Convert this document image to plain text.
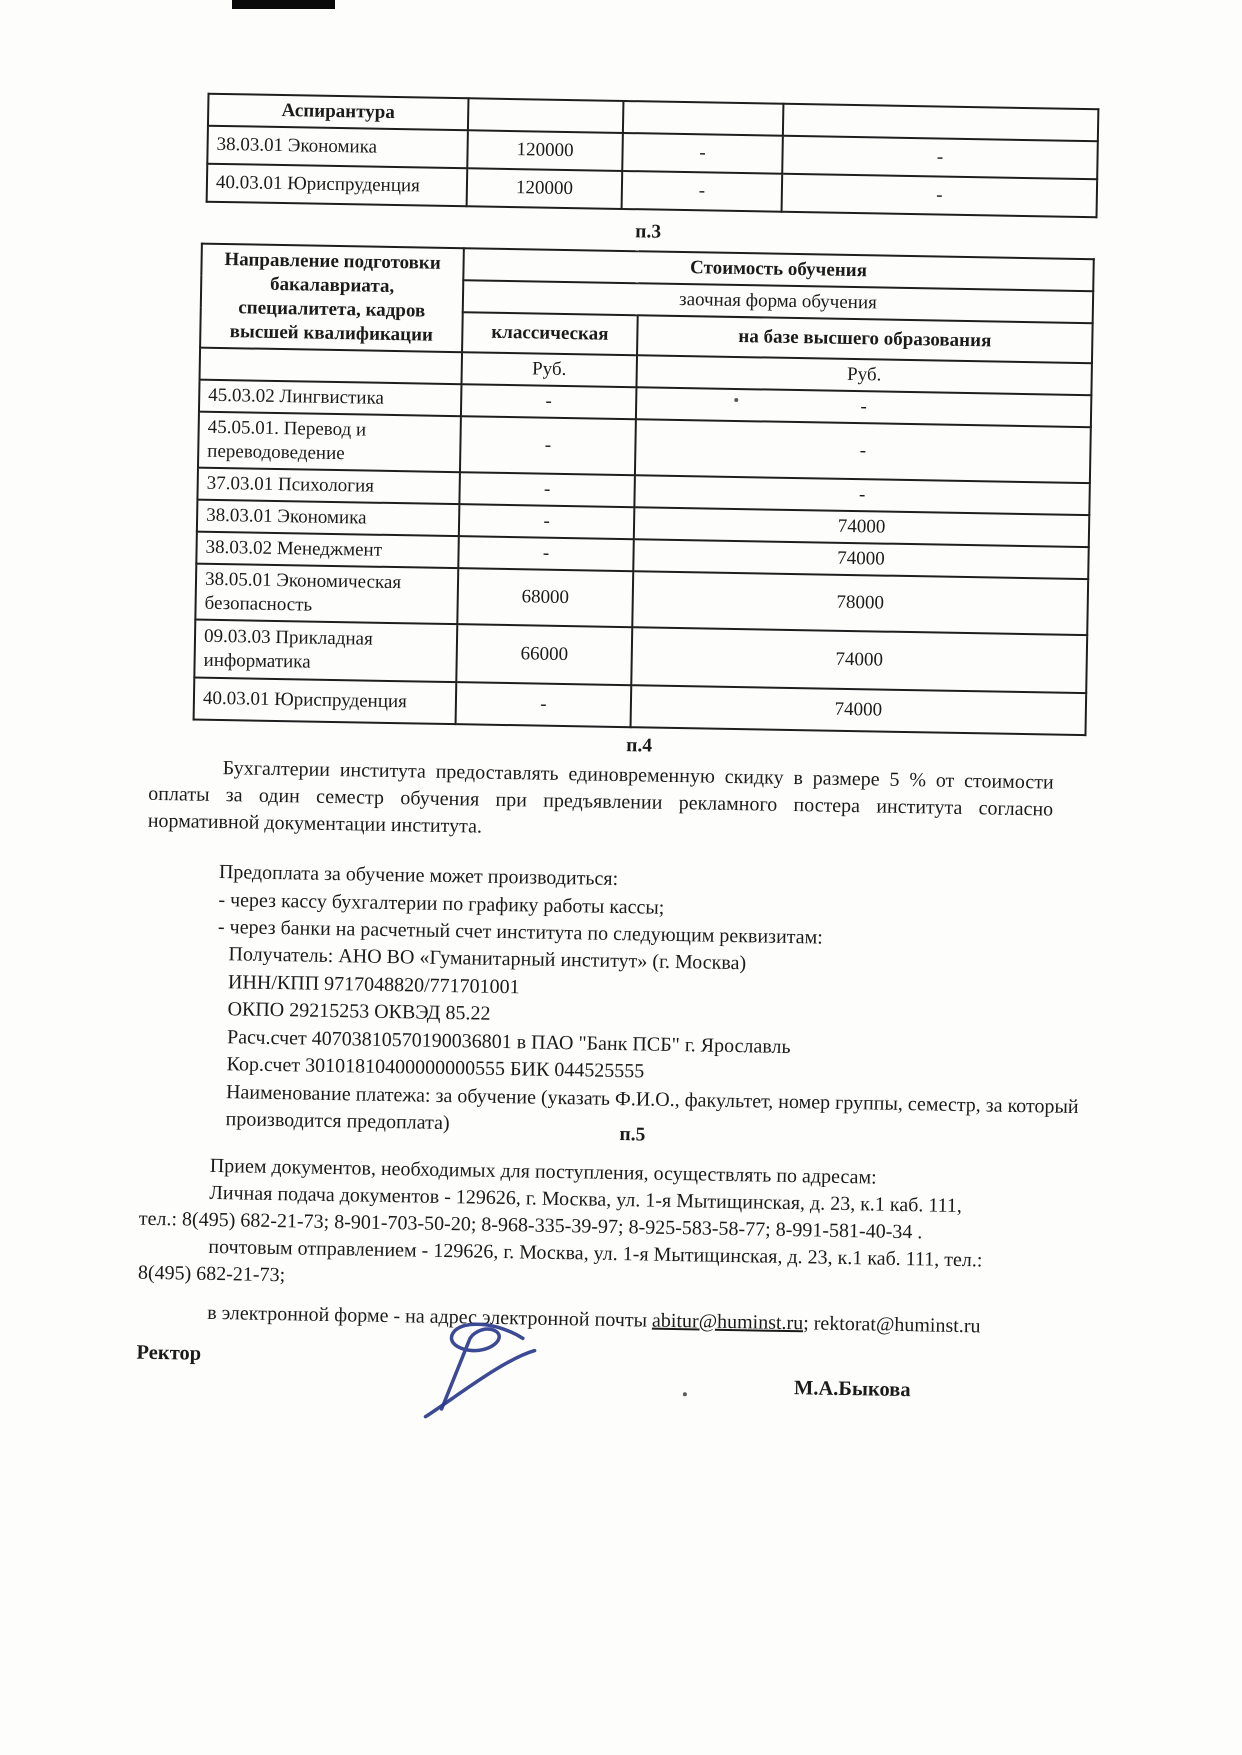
Аспирантура			
38.03.01 Экономика	120000	-	-
40.03.01 Юриспруденция	120000	-	-
п.3
Направление подготовки бакалавриата, специалитета, кадров высшей квалификации	Стоимость обучения	
	заочная форма обучения	
	классическая	на базе высшего образования
	Руб.	Руб.
45.03.02 Лингвистика	-	-
45.05.01. Перевод и переводоведение	-	-
37.03.01 Психология	-	-
38.03.01 Экономика	-	74000
38.03.02 Менеджмент	-	74000
38.05.01 Экономическая безопасность	68000	78000
09.03.03 Прикладная информатика	66000	74000
40.03.01 Юриспруденция	-	74000
п.4
Бухгалтерии института предоставлять единовременную скидку в размере 5 % от стоимости оплаты за один семестр обучения при предъявлении рекламного постера института согласно нормативной документации института.
Предоплата за обучение может производиться:
- через кассу бухгалтерии по графику работы кассы;
- через банки на расчетный счет института по следующим реквизитам:
Получатель: АНО ВО «Гуманитарный институт» (г. Москва)
ИНН/КПП 9717048820/771701001
ОКПО 29215253 ОКВЭД 85.22
Расч.счет 40703810570190036801 в ПАО "Банк ПСБ" г. Ярославль
Кор.счет 30101810400000000555 БИК 044525555
Наименование платежа: за обучение (указать Ф.И.О., факультет, номер группы, семестр, за который производится предоплата)
п.5
Прием документов, необходимых для поступления, осуществлять по адресам:
Личная подача документов - 129626, г. Москва, ул. 1-я Мытищинская, д. 23, к.1 каб. 111,
тел.: 8(495) 682-21-73; 8-901-703-50-20; 8-968-335-39-97; 8-925-583-58-77; 8-991-581-40-34 .
почтовым отправлением - 129626, г. Москва, ул. 1-я Мытищинская, д. 23, к.1 каб. 111, тел.:
8(495) 682-21-73;
в электронной форме - на адрес электронной почты abitur@huminst.ru; rektorat@huminst.ru
Ректор
М.А.Быкова
